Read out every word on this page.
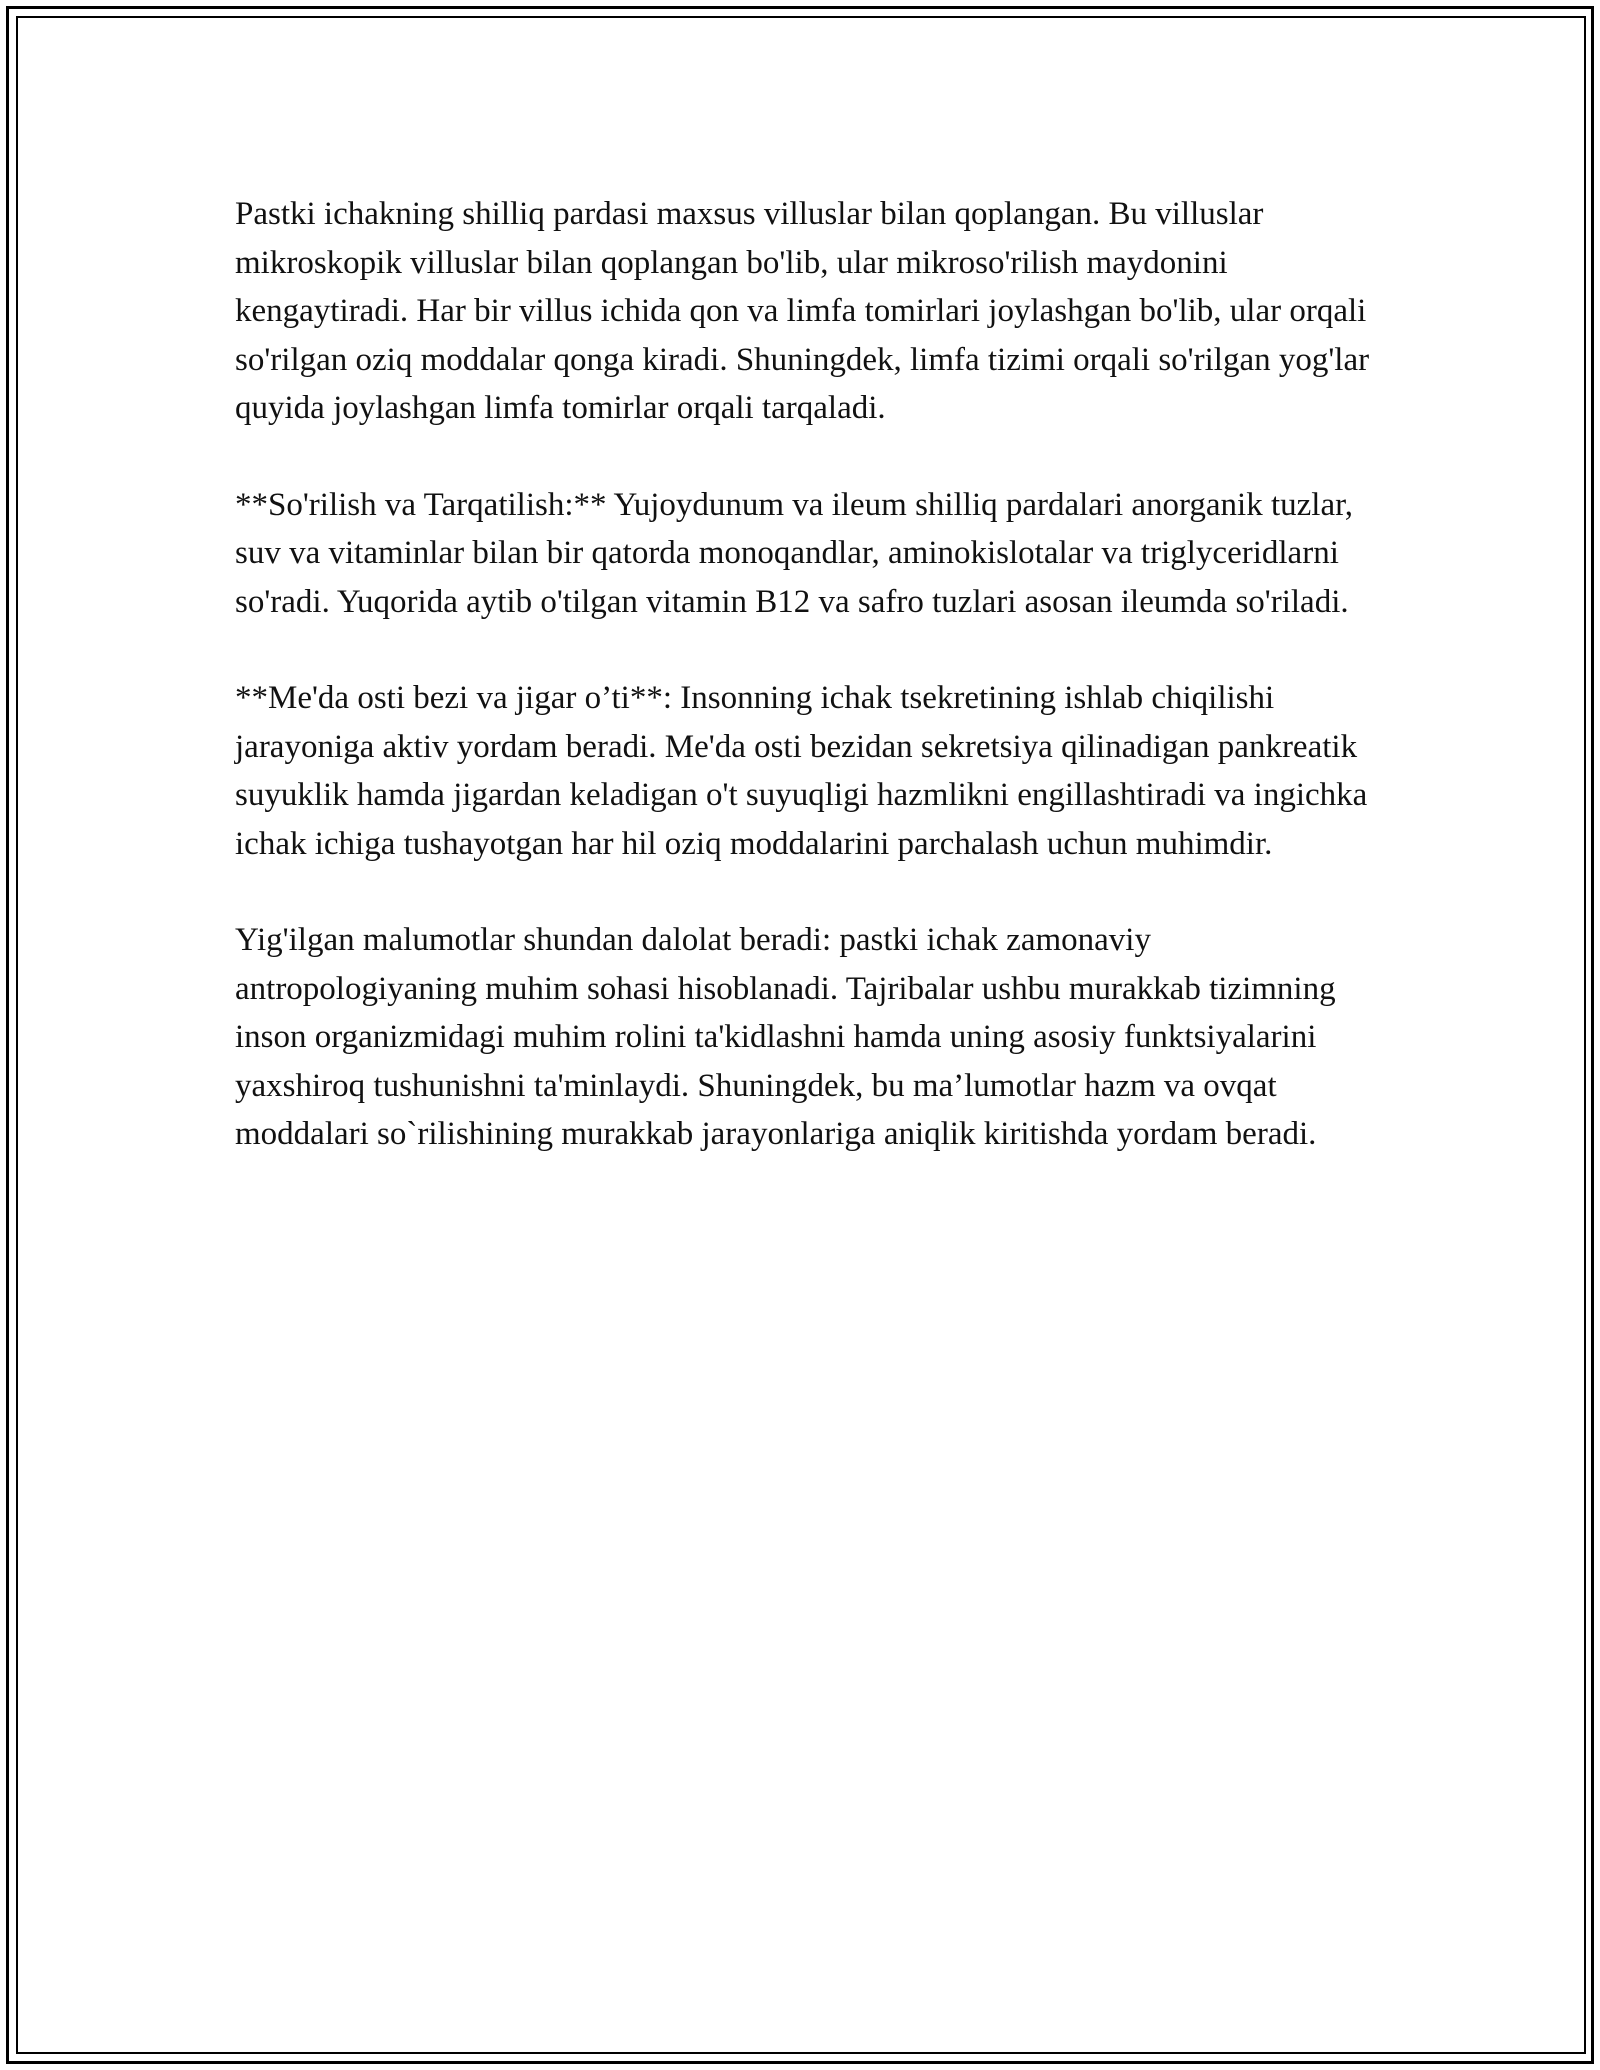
Pastki ichakning shilliq pardasi maxsus villuslar bilan qoplangan. Bu villuslar mikroskopik villuslar bilan qoplangan bo'lib, ular mikroso'rilish maydonini kengaytiradi. Har bir villus ichida qon va limfa tomirlari joylashgan bo'lib, ular orqali so'rilgan oziq moddalar qonga kiradi. Shuningdek, limfa tizimi orqali so'rilgan yog'lar quyida joylashgan limfa tomirlar orqali tarqaladi.

**So'rilish va Tarqatilish:** Yujoydunum va ileum shilliq pardalari anorganik tuzlar, suv va vitaminlar bilan bir qatorda monoqandlar, aminokislotalar va triglyceridlarni so'radi. Yuqorida aytib o'tilgan vitamin B12 va safro tuzlari asosan ileumda so'riladi.

**Me'da osti bezi va jigar o’ti**: Insonning ichak tsekretining ishlab chiqilishi jarayoniga aktiv yordam beradi. Me'da osti bezidan sekretsiya qilinadigan pankreatik suyuklik hamda jigardan keladigan o't suyuqligi hazmlikni engillashtiradi va ingichka ichak ichiga tushayotgan har hil oziq moddalarini parchalash uchun muhimdir.

Yig'ilgan malumotlar shundan dalolat beradi: pastki ichak zamonaviy antropologiyaning muhim sohasi hisoblanadi. Tajribalar ushbu murakkab tizimning inson organizmidagi muhim rolini ta'kidlashni hamda uning asosiy funktsiyalarini yaxshiroq tushunishni ta'minlaydi. Shuningdek, bu ma’lumotlar hazm va ovqat moddalari so`rilishining murakkab jarayonlariga aniqlik kiritishda yordam beradi.
